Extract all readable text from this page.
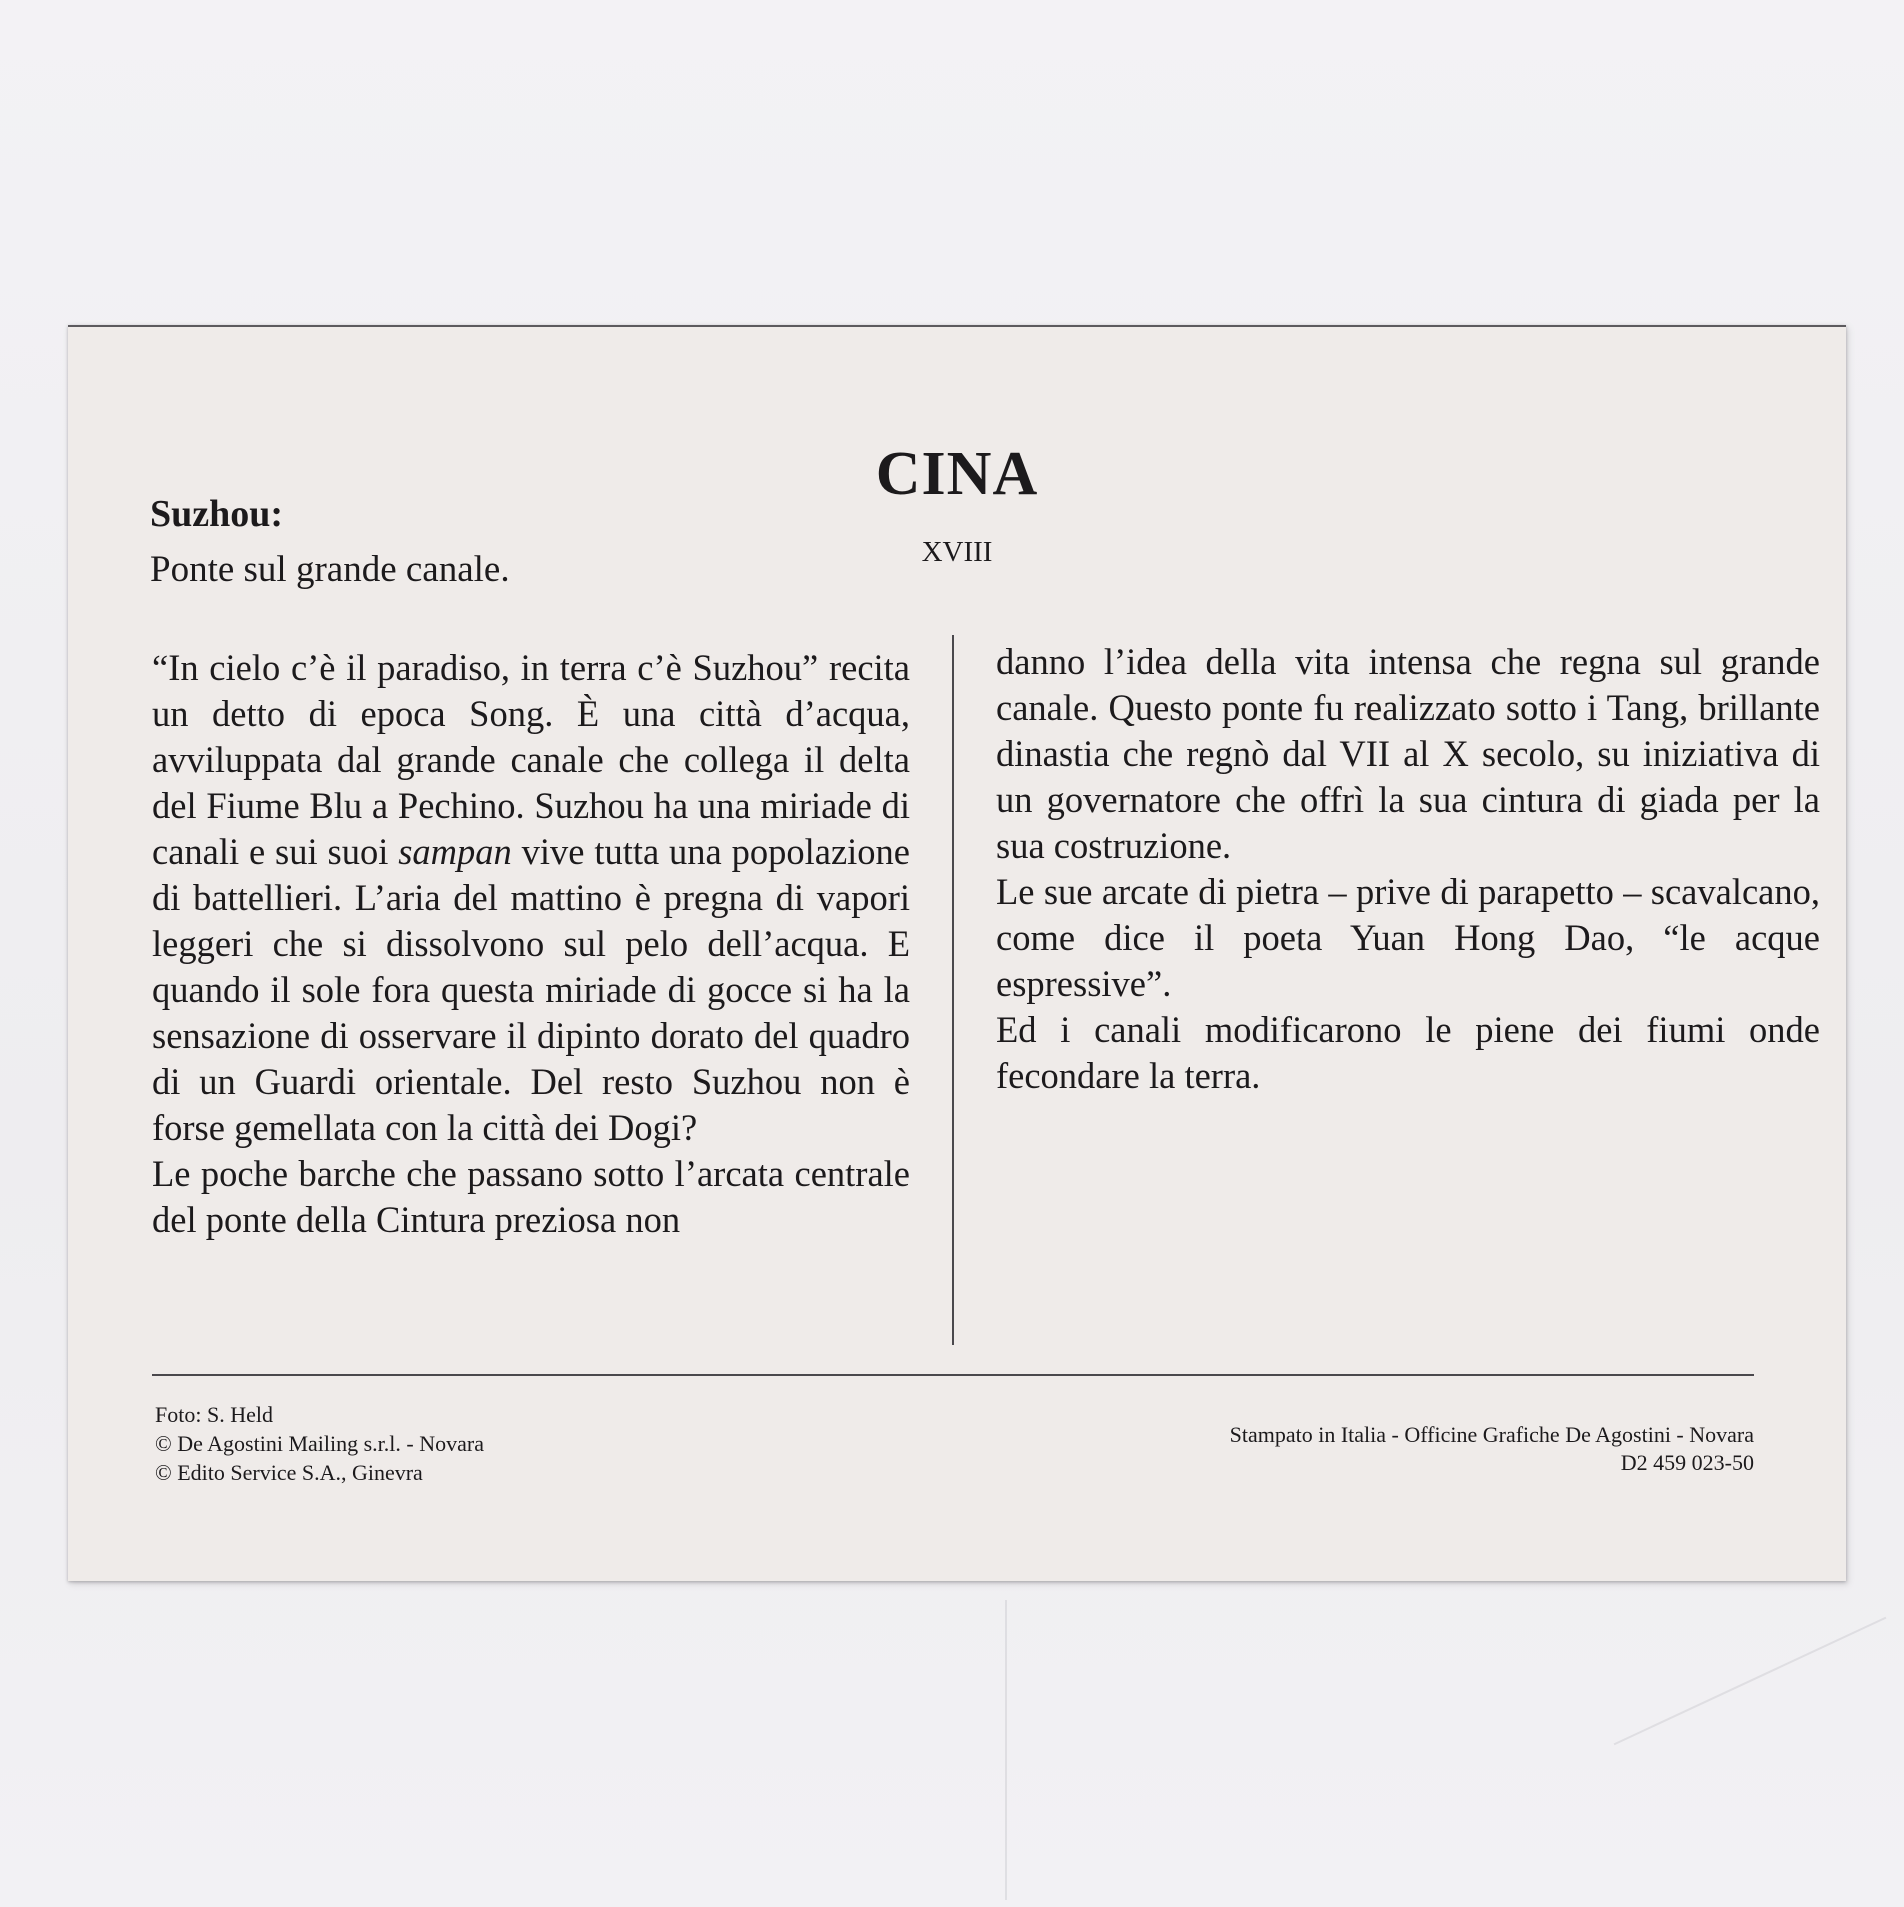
CINA
XVIII
Suzhou:
Ponte sul grande canale.

“In cielo c’è il paradiso, in terra c’è Suzhou” recita un detto di epoca Song. È una città d’acqua, avviluppata dal grande canale che collega il delta del Fiume Blu a Pechino. Suzhou ha una miriade di canali e sui suoi sampan vive tutta una popolazione di battellieri. L’aria del mattino è pregna di vapori leggeri che si dissolvono sul pelo dell’acqua. E quando il sole fora questa miriade di gocce si ha la sensazione di osservare il dipinto dorato del quadro di un Guardi orientale. Del resto Suzhou non è forse gemellata con la città dei Dogi?

Le poche barche che passano sotto l’arcata centrale del ponte della Cintura preziosa non

danno l’idea della vita intensa che regna sul grande canale. Questo ponte fu realizzato sotto i Tang, brillante dinastia che regnò dal VII al X secolo, su iniziativa di un governatore che offrì la sua cintura di giada per la sua costruzione.

Le sue arcate di pietra – prive di parapetto – scavalcano, come dice il poeta Yuan Hong Dao, “le acque espressive”.

Ed i canali modificarono le piene dei fiumi onde fecondare la terra.

Foto: S. Held
© De Agostini Mailing s.r.l. - Novara
© Edito Service S.A., Ginevra
Stampato in Italia - Officine Grafiche De Agostini - Novara
D2 459 023-50
